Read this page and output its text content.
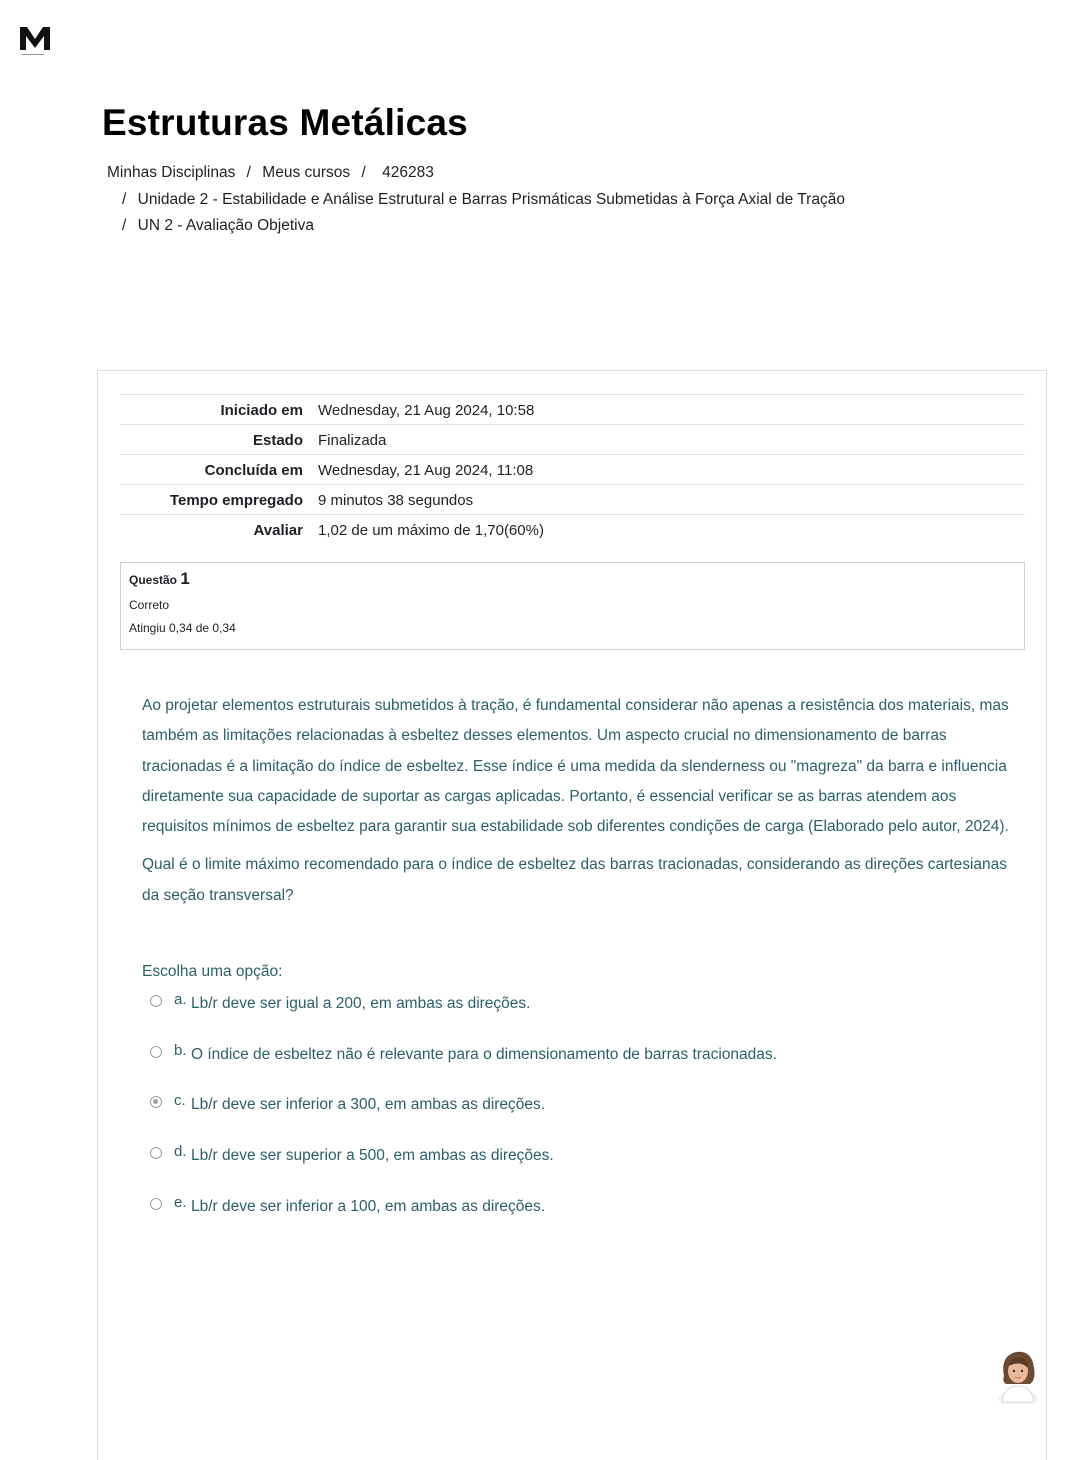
Estruturas Metálicas
Minhas Disciplinas / Meus cursos / 426283
/ Unidade 2 - Estabilidade e Análise Estrutural e Barras Prismáticas Submetidas à Força Axial de Tração
/ UN 2 - Avaliação Objetiva
Iniciado em	Wednesday, 21 Aug 2024, 10:58
Estado	Finalizada
Concluída em	Wednesday, 21 Aug 2024, 11:08
Tempo empregado	9 minutos 38 segundos
Avaliar	1,02 de um máximo de 1,70(60%)
Questão 1
Correto
Atingiu 0,34 de 0,34

Ao projetar elementos estruturais submetidos à tração, é fundamental considerar não apenas a resistência dos materiais, mas também as limitações relacionadas à esbeltez desses elementos. Um aspecto crucial no dimensionamento de barras tracionadas é a limitação do índice de esbeltez. Esse índice é uma medida da slenderness ou "magreza" da barra e influencia diretamente sua capacidade de suportar as cargas aplicadas. Portanto, é essencial verificar se as barras atendem aos requisitos mínimos de esbeltez para garantir sua estabilidade sob diferentes condições de carga (Elaborado pelo autor, 2024).

Qual é o limite máximo recomendado para o índice de esbeltez das barras tracionadas, considerando as direções cartesianas da seção transversal?

Escolha uma opção:
a. Lb/r deve ser igual a 200, em ambas as direções.
b. O índice de esbeltez não é relevante para o dimensionamento de barras tracionadas.
c. Lb/r deve ser inferior a 300, em ambas as direções.
d. Lb/r deve ser superior a 500, em ambas as direções.
e. Lb/r deve ser inferior a 100, em ambas as direções.
